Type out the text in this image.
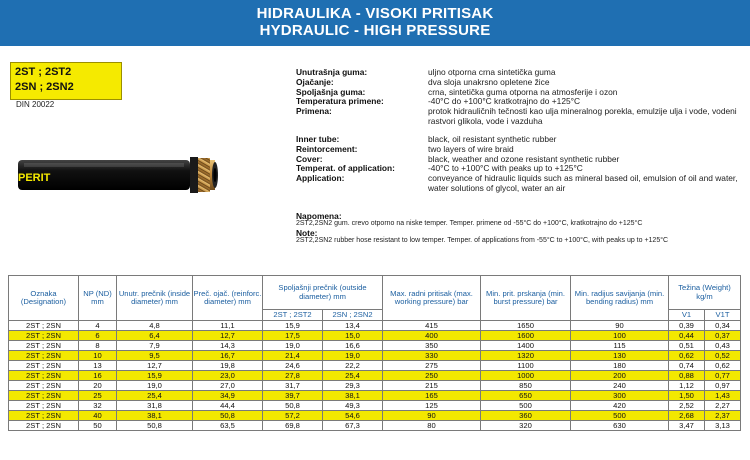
HIDRAULIKA - VISOKI PRITISAK
HYDRAULIC - HIGH PRESSURE
2ST ; 2ST2
2SN ; 2SN2
DIN 20022
PERIT
Unutrašnja guma:	uljno otporna crna sintetička guma
Ojačanje:	dva sloja unakrsno opletene žice
Spoljašnja guma:	crna, sintetička guma otporna na atmosferije i ozon
Temperatura primene:	-40°C do +100°C kratkotrajno do +125°C
Primena:	protok hidrauličnih tečnosti kao ulja mineralnog porekla, emulzije ulja i vode, vodeni rastvori glikola, vode i vazduha
Inner tube:	black, oil resistant synthetic rubber
Reintorcement:	two layers of wire braid
Cover:	black, weather and ozone resistant synthetic rubber
Temperat. of application:	-40°C to +100°C with peaks up to +125°C
Application:	conveyance of hidraulic liquids such as mineral based oil, emulsion of oil and water, water solutions of glycol, water an air
Napomena:
2ST2,2SN2 gum. crevo otporno na niske temper. Temper. primene od -55°C do +100°C, kratkotrajno do +125°C
Note:
2ST2,2SN2 rubber hose resistant to low temper. Temper. of applications from -55°C to +100°C, with peaks up to +125°C
Oznaka (Designation)	NP (ND) mm	Unutr. prečnik (inside diameter) mm	Preč. ojač. (reinforc. diameter) mm	Spoljašnji prečnik (outside diameter) mm		Max. radni pritisak (max. working pressure) bar	Min. prit. prskanja (min. burst pressure) bar	Min. radijus savijanja (min. bending radius) mm	Težina (Weight) kg/m	
				2ST ; 2ST2	2SN ; 2SN2				V1	V1T
2ST ; 2SN	4	4,8	11,1	15,9	13,4	415	1650	90	0,39	0,34
2ST ; 2SN	6	6,4	12,7	17,5	15,0	400	1600	100	0,44	0,37
2ST ; 2SN	8	7,9	14,3	19,0	16,6	350	1400	115	0,51	0,43
2ST ; 2SN	10	9,5	16,7	21,4	19,0	330	1320	130	0,62	0,52
2ST ; 2SN	13	12,7	19,8	24,6	22,2	275	1100	180	0,74	0,62
2ST ; 2SN	16	15,9	23,0	27,8	25,4	250	1000	200	0,88	0,77
2ST ; 2SN	20	19,0	27,0	31,7	29,3	215	850	240	1,12	0,97
2ST ; 2SN	25	25,4	34,9	39,7	38,1	165	650	300	1,50	1,43
2ST ; 2SN	32	31,8	44,4	50,8	49,3	125	500	420	2,52	2,27
2ST ; 2SN	40	38,1	50,8	57,2	54,6	90	360	500	2,68	2,37
2ST ; 2SN	50	50,8	63,5	69,8	67,3	80	320	630	3,47	3,13
